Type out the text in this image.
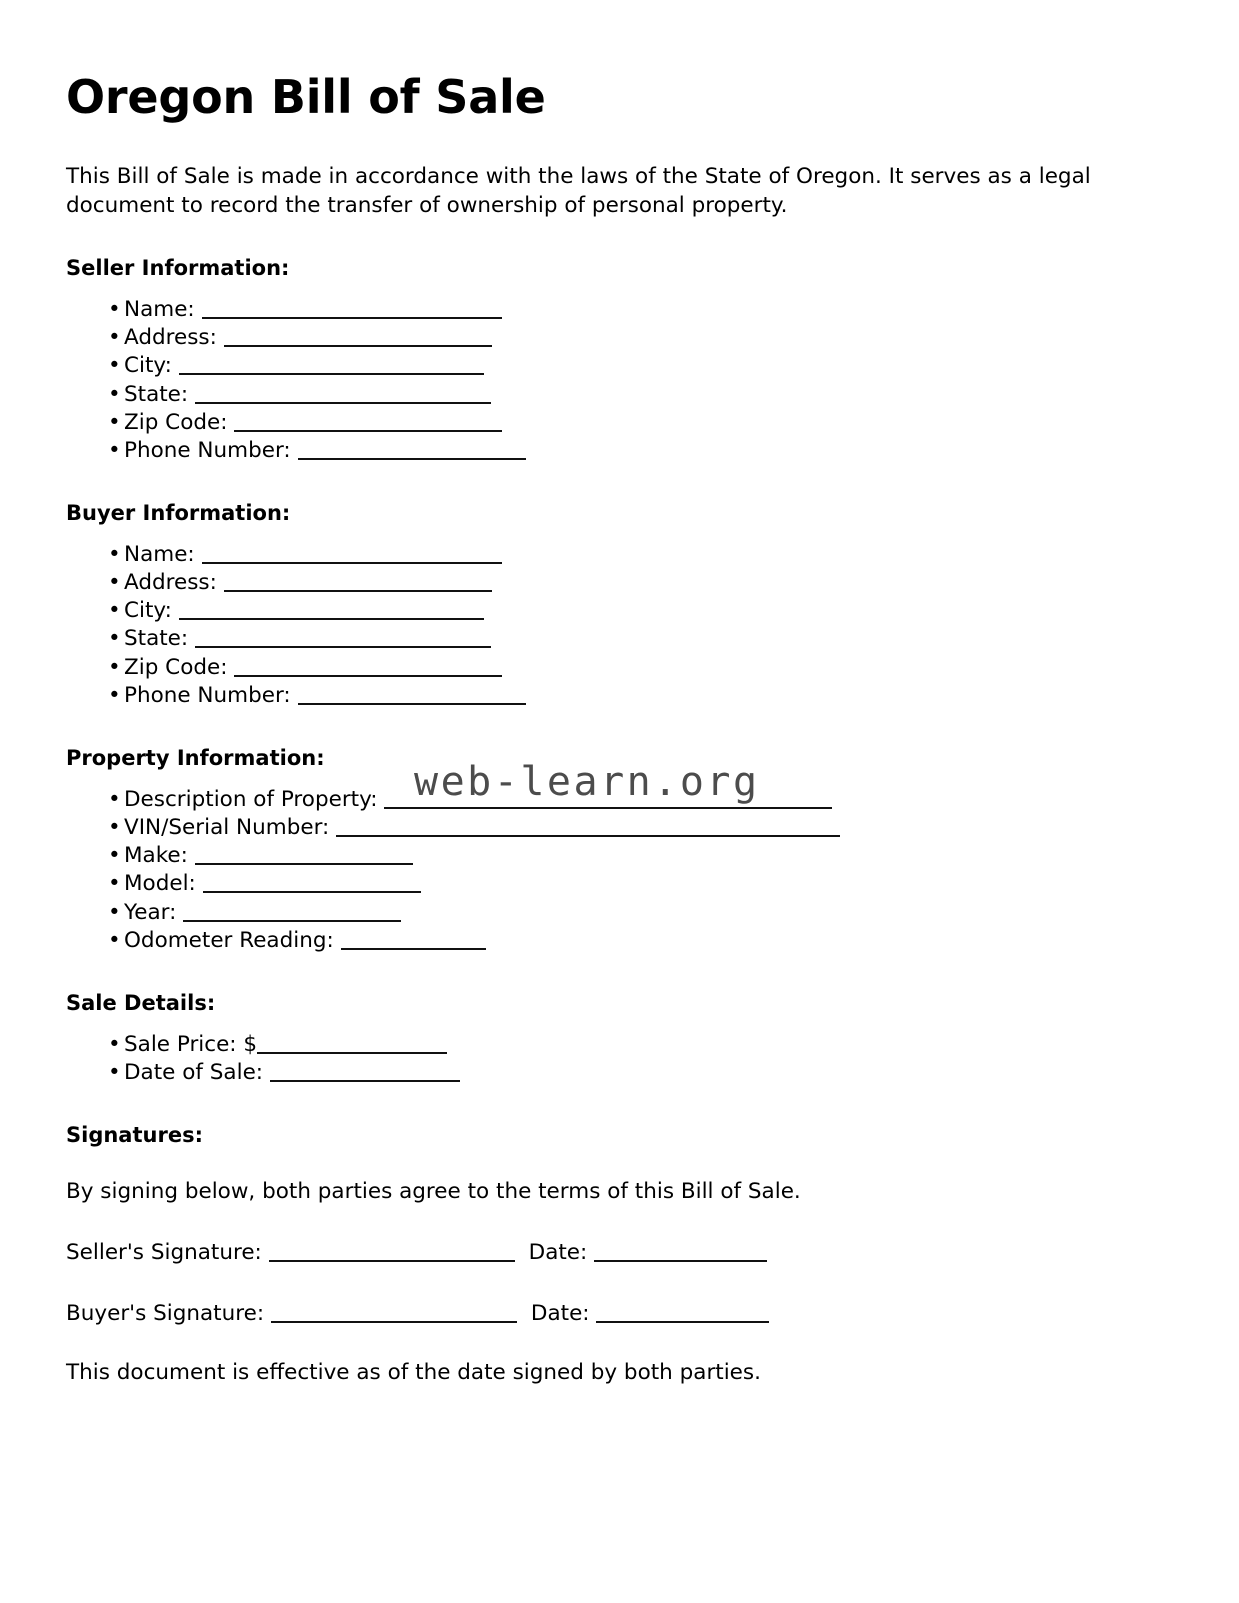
web-learn.org
Oregon Bill of Sale

This Bill of Sale is made in accordance with the laws of the State of Oregon. It serves as a legal document to record the transfer of ownership of personal property.

Seller Information:
• Name:
• Address:
• City:
• State:
• Zip Code:
• Phone Number:
Buyer Information:
• Name:
• Address:
• City:
• State:
• Zip Code:
• Phone Number:
Property Information:
• Description of Property:
• VIN/Serial Number:
• Make:
• Model:
• Year:
• Odometer Reading:
Sale Details:
• Sale Price: $
• Date of Sale:
Signatures:

By signing below, both parties agree to the terms of this Bill of Sale.

Seller's Signature:	Date:
Buyer's Signature:	Date:

This document is effective as of the date signed by both parties.
